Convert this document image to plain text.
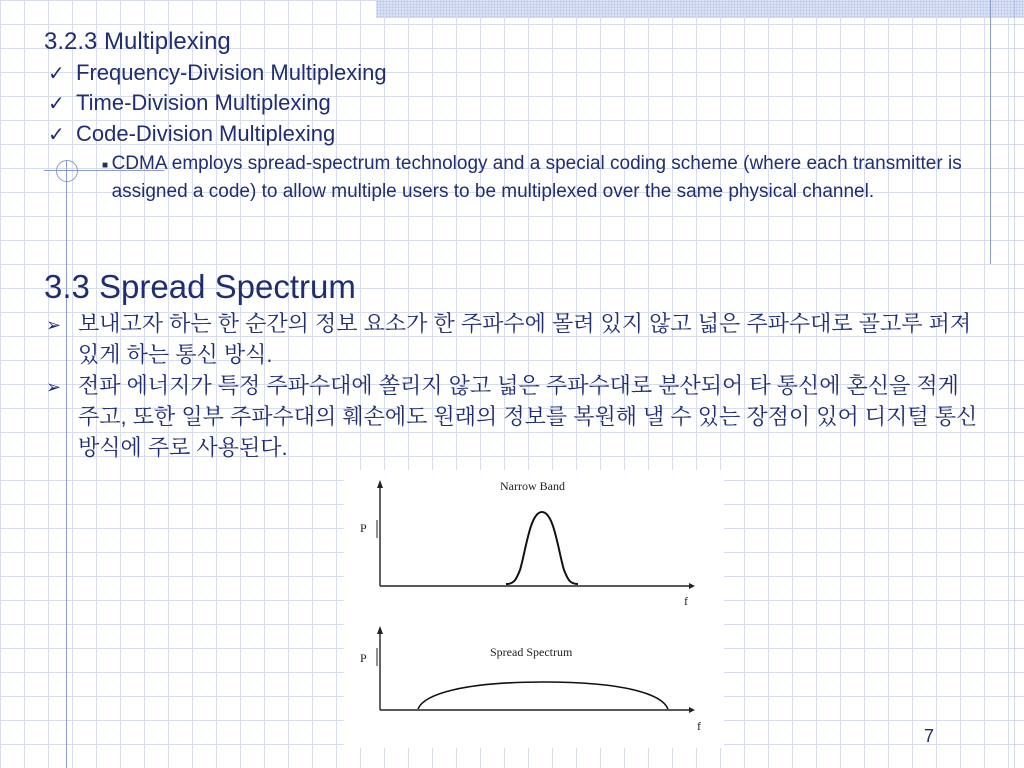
3.2.3 Multiplexing
✓ Frequency-Division Multiplexing
✓ Time-Division Multiplexing
✓ Code-Division Multiplexing
■ CDMA employs spread-spectrum technology and a special coding scheme (where each transmitter is assigned a code) to allow multiple users to be multiplexed over the same physical channel.
3.3 Spread Spectrum
➢ 보내고자 하는 한 순간의 정보 요소가 한 주파수에 몰려 있지 않고 넓은 주파수대로 골고루 퍼져 있게 하는 통신 방식.
➢ 전파 에너지가 특정 주파수대에 쏠리지 않고 넓은 주파수대로 분산되어 타 통신에 혼신을 적게 주고, 또한 일부 주파수대의 훼손에도 원래의 정보를 복원해 낼 수 있는 장점이 있어 디지털 통신 방식에 주로 사용된다.
P
Narrow Band
f
P	Spread Spectrum
f	7
